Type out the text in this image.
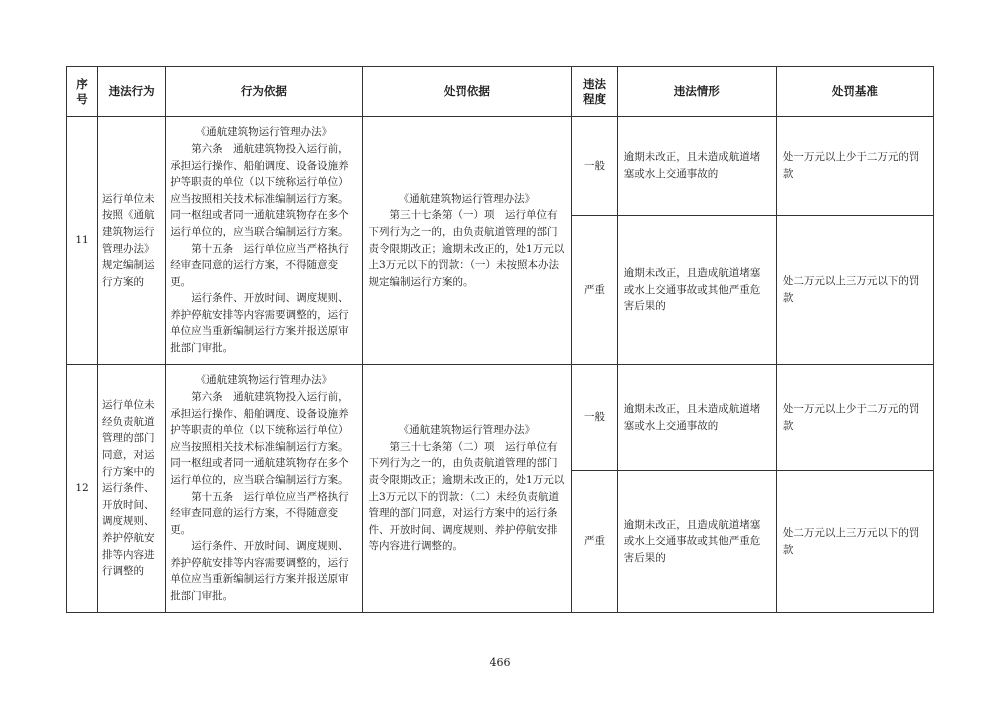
序号	违法行为	行为依据	处罚依据	违法程度	违法情形	处罚基准
11	运行单位未按照《通航建筑物运行管理办法》规定编制运行方案的	《通航建筑物运行管理办法》
第六条　通航建筑物投入运行前，承担运行操作、船舶调度、设备设施养护等职责的单位（以下统称运行单位）应当按照相关技术标准编制运行方案。同一枢纽或者同一通航建筑物存在多个运行单位的，应当联合编制运行方案。
第十五条　运行单位应当严格执行经审查同意的运行方案，不得随意变更。
运行条件、开放时间、调度规则、养护停航安排等内容需要调整的，运行单位应当重新编制运行方案并报送原审批部门审批。	《通航建筑物运行管理办法》
第三十七条第（一）项　运行单位有下列行为之一的，由负责航道管理的部门责令限期改正；逾期未改正的，处1万元以上3万元以下的罚款：（一）未按照本办法规定编制运行方案的。	一般	逾期未改正，且未造成航道堵塞或水上交通事故的	处一万元以上少于二万元的罚款
				严重	逾期未改正，且造成航道堵塞或水上交通事故或其他严重危害后果的	处二万元以上三万元以下的罚款
12	运行单位未经负责航道管理的部门同意，对运行方案中的运行条件、开放时间、调度规则、养护停航安排等内容进行调整的	《通航建筑物运行管理办法》
第六条　通航建筑物投入运行前，承担运行操作、船舶调度、设备设施养护等职责的单位（以下统称运行单位）应当按照相关技术标准编制运行方案。同一枢纽或者同一通航建筑物存在多个运行单位的，应当联合编制运行方案。
第十五条　运行单位应当严格执行经审查同意的运行方案，不得随意变更。
运行条件、开放时间、调度规则、养护停航安排等内容需要调整的，运行单位应当重新编制运行方案并报送原审批部门审批。	《通航建筑物运行管理办法》
第三十七条第（二）项　运行单位有下列行为之一的，由负责航道管理的部门责令限期改正；逾期未改正的，处1万元以上3万元以下的罚款：（二）未经负责航道管理的部门同意，对运行方案中的运行条件、开放时间、调度规则、养护停航安排等内容进行调整的。	一般	逾期未改正，且未造成航道堵塞或水上交通事故的	处一万元以上少于二万元的罚款
				严重	逾期未改正，且造成航道堵塞或水上交通事故或其他严重危害后果的	处二万元以上三万元以下的罚款
466
